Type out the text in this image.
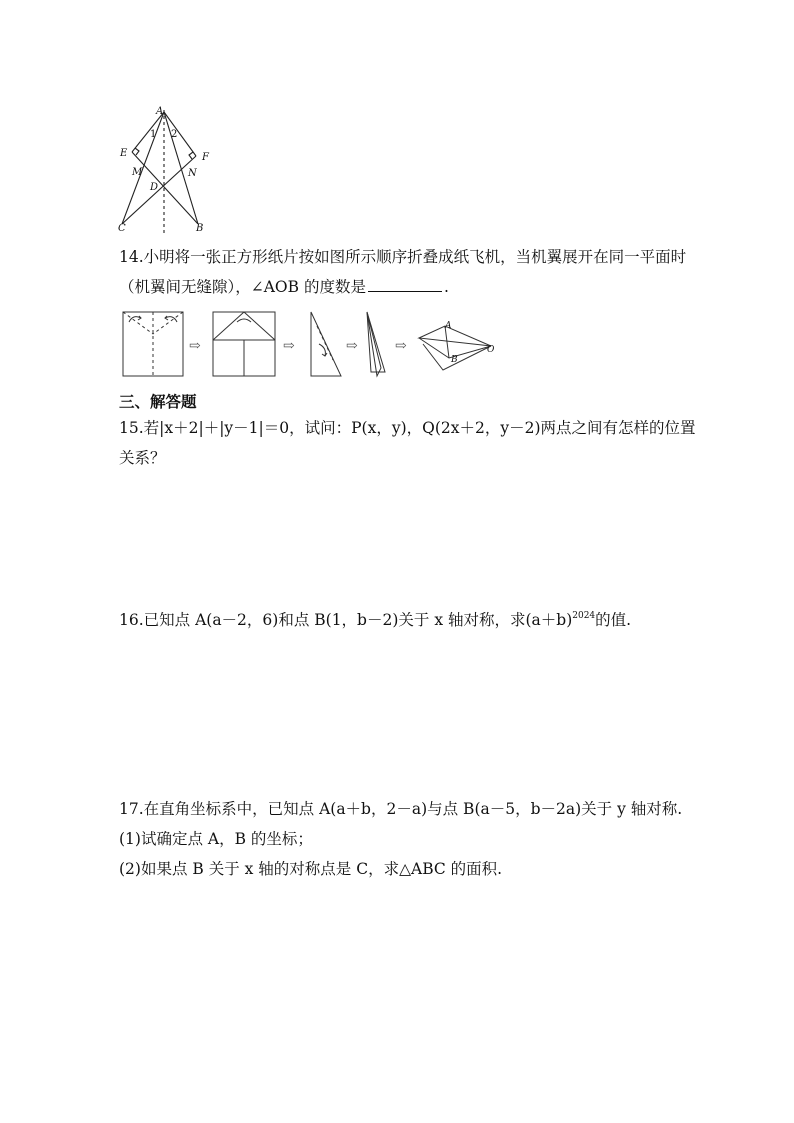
A
1 2
E	F
M	N
D
C	B
14.小明将一张正方形纸片按如图所示顺序折叠成纸飞机，当机翼展开在同一平面时
（机翼间无缝隙），∠AOB 的度数是	.
⇨	⇨	⇨	⇨
A
B
O
三、解答题
15.若|x＋2|＋|y－1|＝0，试问：P(x，y)，Q(2x＋2，y－2)两点之间有怎样的位置
关系？
16.已知点 A(a－2，6)和点 B(1，b－2)关于 x 轴对称，求$(a+b)^{2024}$的值.
17.在直角坐标系中，已知点 A(a＋b，2－a)与点 B(a－5，b－2a)关于 y 轴对称.
(1)试确定点 A，B 的坐标；
(2)如果点 B 关于 x 轴的对称点是 C，求△ABC 的面积.
